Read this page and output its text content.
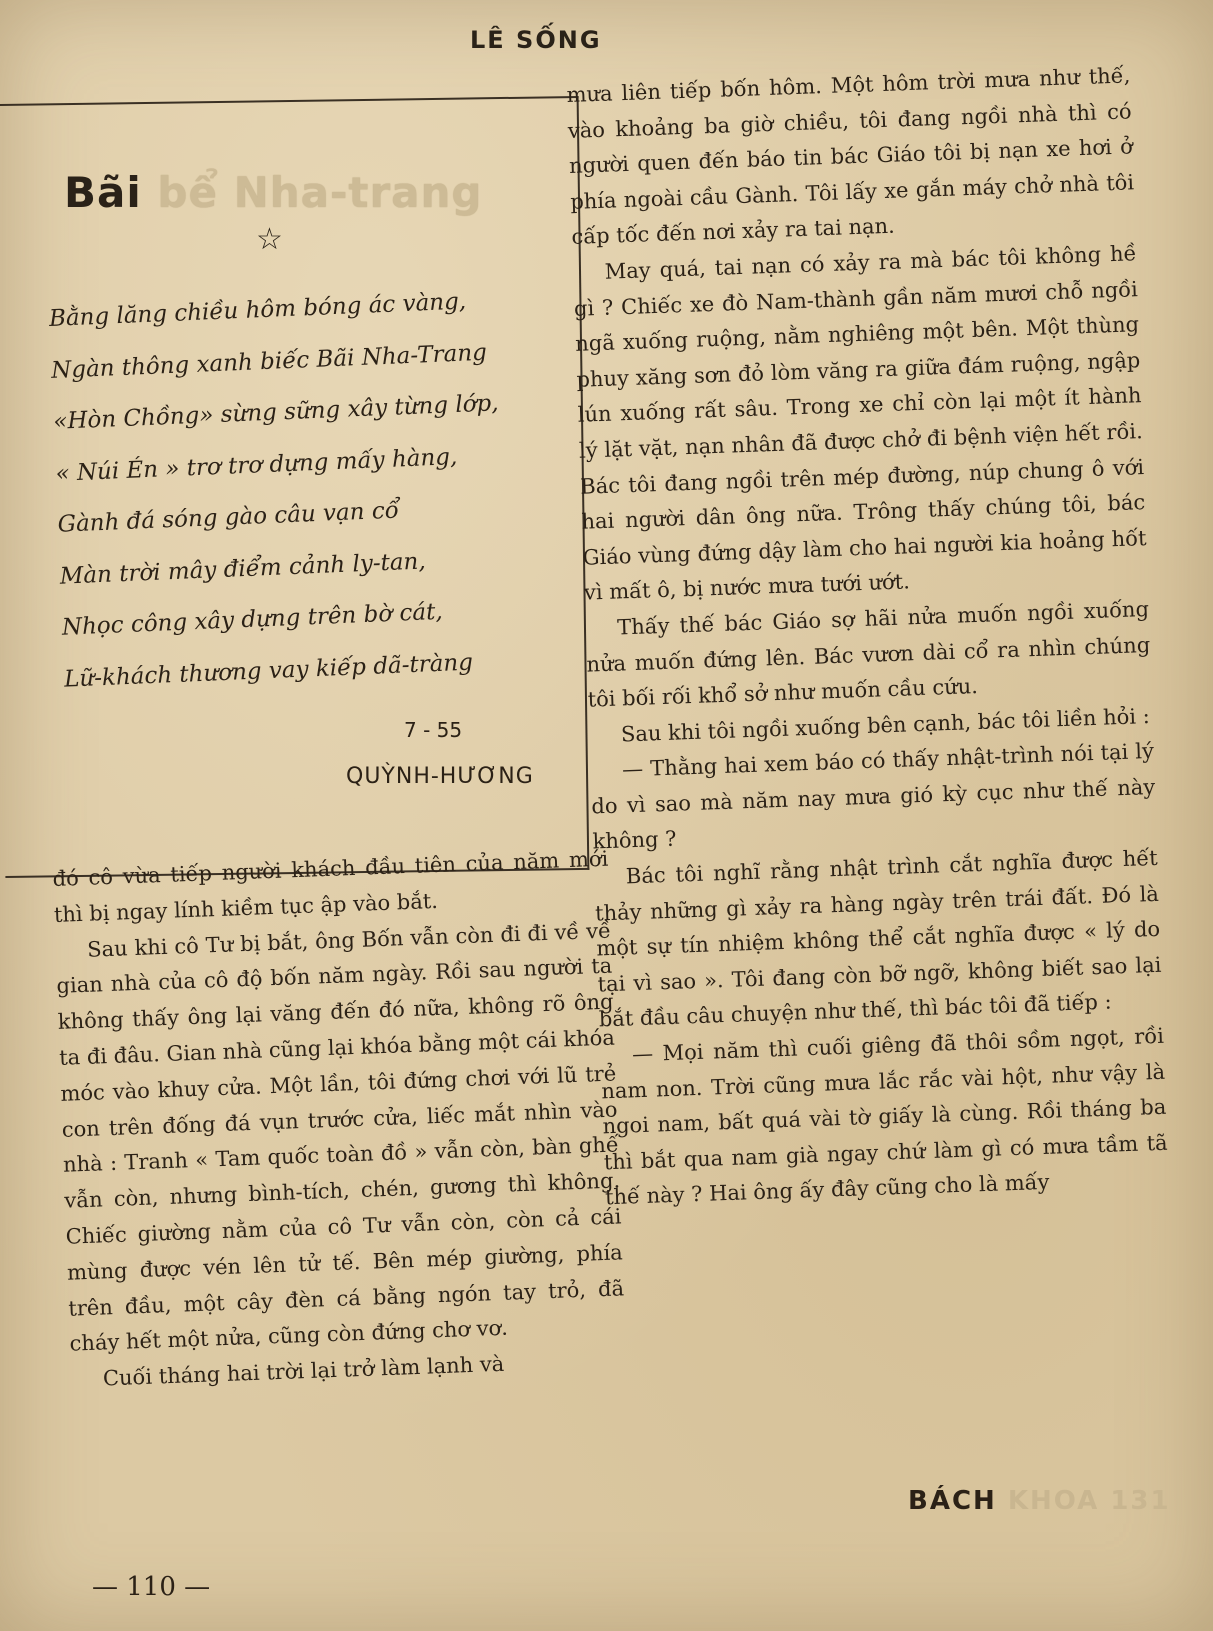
LÊ SỐNG
Bãi bể Nha-trang
☆
Bằng lăng chiều hôm bóng ác vàng,
Ngàn thông xanh biếc Bãi Nha-Trang
«Hòn Chồng» sừng sững xây từng lớp,
« Núi Én » trơ trơ dựng mấy hàng,
Gành đá sóng gào câu vạn cổ
Màn trời mây điểm cảnh ly-tan,
Nhọc công xây dựng trên bờ cát,
Lữ-khách thương vay kiếp dã-tràng
7 - 55
QUỲNH-HƯƠNG

đó cô vừa tiếp người khách đầu tiên của năm mới thì bị ngay lính kiềm tục ập vào bắt.

Sau khi cô Tư bị bắt, ông Bốn vẫn còn đi đi về về gian nhà của cô độ bốn năm ngày. Rồi sau người ta không thấy ông lại văng đến đó nữa, không rõ ông ta đi đâu. Gian nhà cũng lại khóa bằng một cái khóa móc vào khuy cửa. Một lần, tôi đứng chơi với lũ trẻ con trên đống đá vụn trước cửa, liếc mắt nhìn vào nhà : Tranh « Tam quốc toàn đồ » vẫn còn, bàn ghế vẫn còn, nhưng bình-tích, chén, gương thì không. Chiếc giường nằm của cô Tư vẫn còn, còn cả cái mùng được vén lên tử tế. Bên mép giường, phía trên đầu, một cây đèn cá bằng ngón tay trỏ, đã cháy hết một nửa, cũng còn đứng chơ vơ.

Cuối tháng hai trời lại trở làm lạnh và

mưa liên tiếp bốn hôm. Một hôm trời mưa như thế, vào khoảng ba giờ chiều, tôi đang ngồi nhà thì có người quen đến báo tin bác Giáo tôi bị nạn xe hơi ở phía ngoài cầu Gành. Tôi lấy xe gắn máy chở nhà tôi cấp tốc đến nơi xảy ra tai nạn.

May quá, tai nạn có xảy ra mà bác tôi không hề gì ? Chiếc xe đò Nam-thành gần năm mươi chỗ ngồi ngã xuống ruộng, nằm nghiêng một bên. Một thùng phuy xăng sơn đỏ lòm văng ra giữa đám ruộng, ngập lún xuống rất sâu. Trong xe chỉ còn lại một ít hành lý lặt vặt, nạn nhân đã được chở đi bệnh viện hết rồi. Bác tôi đang ngồi trên mép đường, núp chung ô với hai người dân ông nữa. Trông thấy chúng tôi, bác Giáo vùng đứng dậy làm cho hai người kia hoảng hốt vì mất ô, bị nước mưa tưới ướt.

Thấy thế bác Giáo sợ hãi nửa muốn ngồi xuống nửa muốn đứng lên. Bác vươn dài cổ ra nhìn chúng tôi bối rối khổ sở như muốn cầu cứu.

Sau khi tôi ngồi xuống bên cạnh, bác tôi liền hỏi :

— Thằng hai xem báo có thấy nhật-trình nói tại lý do vì sao mà năm nay mưa gió kỳ cục như thế này không ?

Bác tôi nghĩ rằng nhật trình cắt nghĩa được hết thảy những gì xảy ra hàng ngày trên trái đất. Đó là một sự tín nhiệm không thể cắt nghĩa được « lý do tại vì sao ». Tôi đang còn bỡ ngỡ, không biết sao lại bắt đầu câu chuyện như thế, thì bác tôi đã tiếp :

— Mọi năm thì cuối giêng đã thôi sồm ngọt, rồi nam non. Trời cũng mưa lắc rắc vài hột, như vậy là ngoi nam, bất quá vài tờ giấy là cùng. Rồi tháng ba thì bắt qua nam già ngay chứ làm gì có mưa tầm tã thế này ? Hai ông ấy đây cũng cho là mấy

— 110 —
BÁCH KHOA 131
